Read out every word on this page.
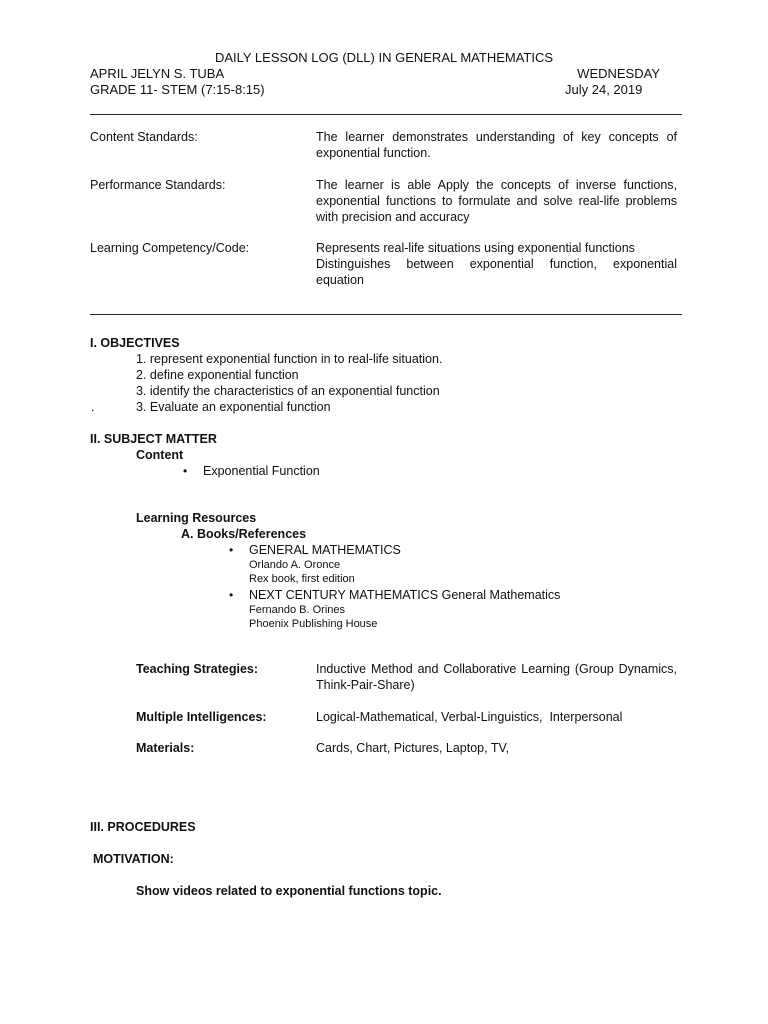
DAILY LESSON LOG (DLL) IN GENERAL MATHEMATICS
APRIL JELYN S. TUBA	WEDNESDAY
GRADE 11- STEM (7:15-8:15)	July 24, 2019
Content Standards:	The learner demonstrates understanding of key concepts of exponential function.
Performance Standards:	The learner is able Apply the concepts of inverse functions, exponential functions to formulate and solve real-life problems with precision and accuracy
Learning Competency/Code:	Represents real-life situations using exponential functions
Distinguishes between exponential function, exponential equation
I. OBJECTIVES
1. represent exponential function in to real-life situation.
2. define exponential function
3. identify the characteristics of an exponential function
.	3. Evaluate an exponential function
II. SUBJECT MATTER
Content
• Exponential Function
Learning Resources
A. Books/References
• GENERAL MATHEMATICS
Orlando A. Oronce
Rex book, first edition
• NEXT CENTURY MATHEMATICS General Mathematics
Fernando B. Orines
Phoenix Publishing House
Teaching Strategies:	Inductive Method and Collaborative Learning (Group Dynamics, Think-Pair-Share)
Multiple Intelligences:	Logical-Mathematical, Verbal-Linguistics,  Interpersonal
Materials:	Cards, Chart, Pictures, Laptop, TV,
III. PROCEDURES
MOTIVATION:
Show videos related to exponential functions topic.
